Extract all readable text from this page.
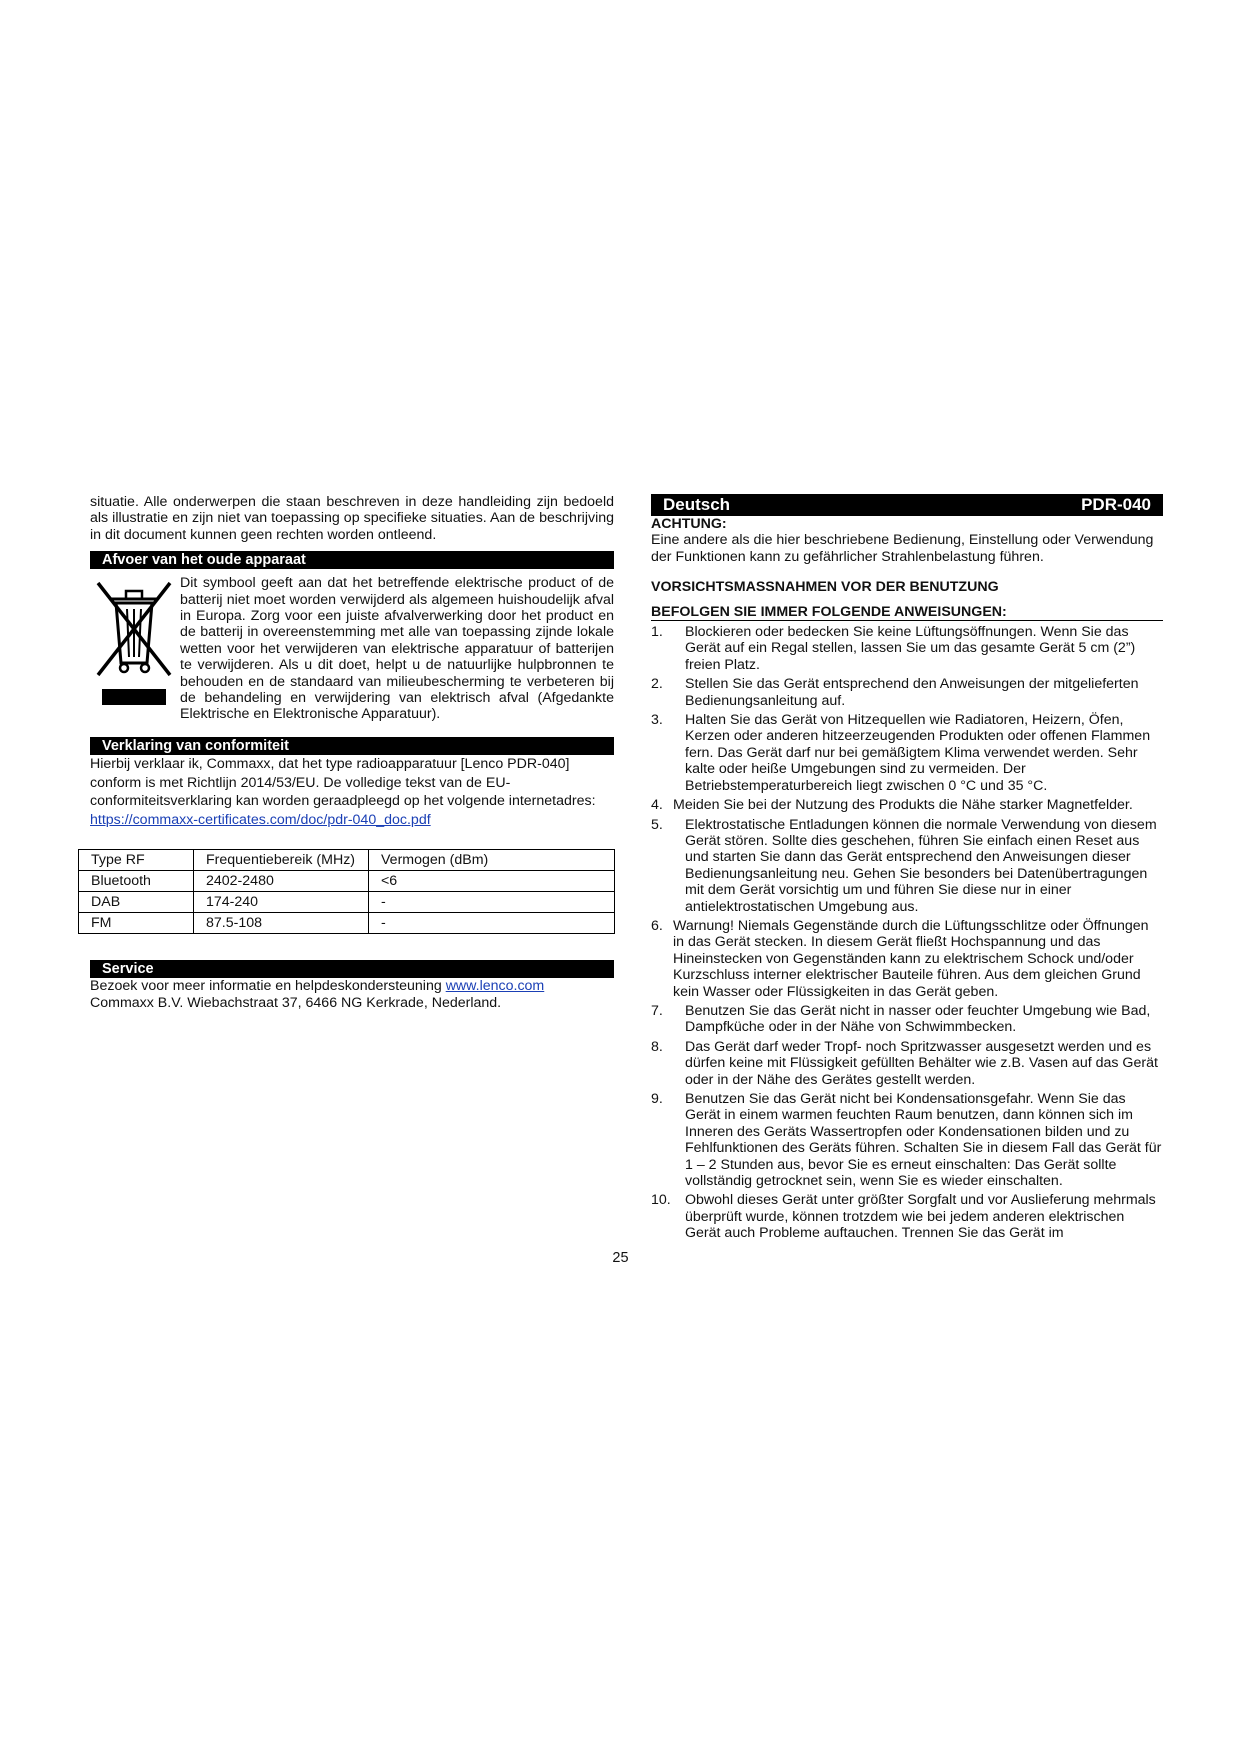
situatie. Alle onderwerpen die staan beschreven in deze handleiding zijn bedoeld als illustratie en zijn niet van toepassing op specifieke situaties. Aan de beschrijving in dit document kunnen geen rechten worden ontleend.

Afvoer van het oude apparaat

Dit symbool geeft aan dat het betreffende elektrische product of de batterij niet moet worden verwijderd als algemeen huishoudelijk afval in Europa. Zorg voor een juiste afvalverwerking door het product en de batterij in overeenstemming met alle van toepassing zijnde lokale wetten voor het verwijderen van elektrische apparatuur of batterijen te verwijderen. Als u dit doet, helpt u de natuurlijke hulpbronnen te behouden en de standaard van milieubescherming te verbeteren bij de behandeling en verwijdering van elektrisch afval (Afgedankte Elektrische en Elektronische Apparatuur).

Verklaring van conformiteit

Hierbij verklaar ik, Commaxx, dat het type radioapparatuur [Lenco PDR-040] conform is met Richtlijn 2014/53/EU. De volledige tekst van de EU-conformiteitsverklaring kan worden geraadpleegd op het volgende internetadres:

https://commaxx-certificates.com/doc/pdr-040_doc.pdf

Type RF	Frequentiebereik (MHz)	Vermogen (dBm)
Bluetooth	2402-2480	<6
DAB	174-240	-
FM	87.5-108	-
Service

Bezoek voor meer informatie en helpdeskondersteuning www.lenco.com

Commaxx B.V. Wiebachstraat 37, 6466 NG Kerkrade, Nederland.

Deutsch	PDR-040

ACHTUNG:

Eine andere als die hier beschriebene Bedienung, Einstellung oder Verwendung der Funktionen kann zu gefährlicher Strahlenbelastung führen.

VORSICHTSMASSNAHMEN VOR DER BENUTZUNG

BEFOLGEN SIE IMMER FOLGENDE ANWEISUNGEN:

1.	Blockieren oder bedecken Sie keine Lüftungsöffnungen. Wenn Sie das Gerät auf ein Regal stellen, lassen Sie um das gesamte Gerät 5 cm (2”) freien Platz.
2.	Stellen Sie das Gerät entsprechend den Anweisungen der mitgelieferten Bedienungsanleitung auf.
3.	Halten Sie das Gerät von Hitzequellen wie Radiatoren, Heizern, Öfen, Kerzen oder anderen hitzeerzeugenden Produkten oder offenen Flammen fern. Das Gerät darf nur bei gemäßigtem Klima verwendet werden. Sehr kalte oder heiße Umgebungen sind zu vermeiden. Der Betriebstemperaturbereich liegt zwischen 0 °C und 35 °C.
4. Meiden Sie bei der Nutzung des Produkts die Nähe starker Magnetfelder.
5.	Elektrostatische Entladungen können die normale Verwendung von diesem Gerät stören. Sollte dies geschehen, führen Sie einfach einen Reset aus und starten Sie dann das Gerät entsprechend den Anweisungen dieser Bedienungsanleitung neu. Gehen Sie besonders bei Datenübertragungen mit dem Gerät vorsichtig um und führen Sie diese nur in einer antielektrostatischen Umgebung aus.
6. Warnung! Niemals Gegenstände durch die Lüftungsschlitze oder Öffnungen in das Gerät stecken. In diesem Gerät fließt Hochspannung und das Hineinstecken von Gegenständen kann zu elektrischem Schock und/oder Kurzschluss interner elektrischer Bauteile führen. Aus dem gleichen Grund kein Wasser oder Flüssigkeiten in das Gerät geben.
7.	Benutzen Sie das Gerät nicht in nasser oder feuchter Umgebung wie Bad, Dampfküche oder in der Nähe von Schwimmbecken.
8.	Das Gerät darf weder Tropf- noch Spritzwasser ausgesetzt werden und es dürfen keine mit Flüssigkeit gefüllten Behälter wie z.B. Vasen auf das Gerät oder in der Nähe des Gerätes gestellt werden.
9.	Benutzen Sie das Gerät nicht bei Kondensationsgefahr. Wenn Sie das Gerät in einem warmen feuchten Raum benutzen, dann können sich im Inneren des Geräts Wassertropfen oder Kondensationen bilden und zu Fehlfunktionen des Geräts führen. Schalten Sie in diesem Fall das Gerät für 1 – 2 Stunden aus, bevor Sie es erneut einschalten: Das Gerät sollte vollständig getrocknet sein, wenn Sie es wieder einschalten.
10.	Obwohl dieses Gerät unter größter Sorgfalt und vor Auslieferung mehrmals überprüft wurde, können trotzdem wie bei jedem anderen elektrischen Gerät auch Probleme auftauchen. Trennen Sie das Gerät im
25
